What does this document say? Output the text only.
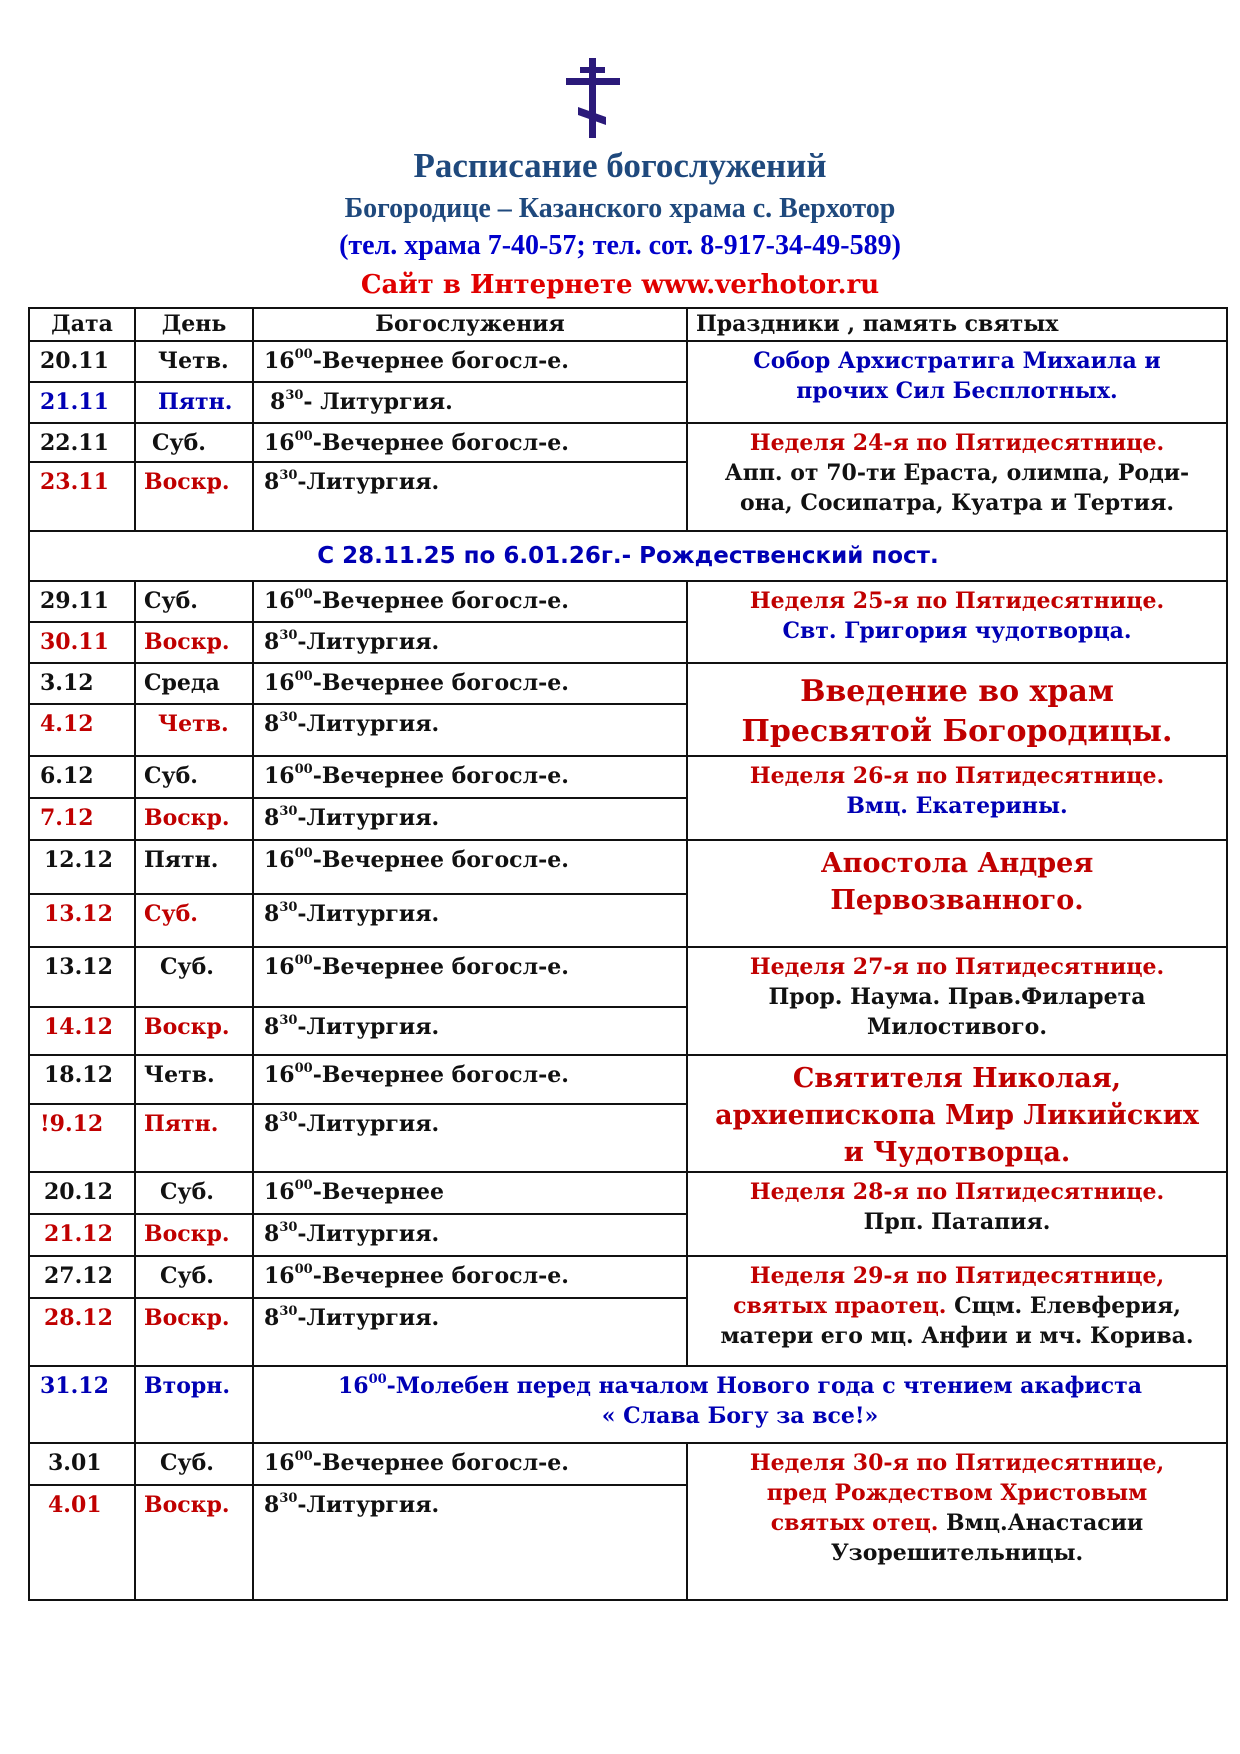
Расписание богослужений
Богородице – Казанского храма с. Верхотор
(тел. храма 7-40-57; тел. сот. 8-917-34-49-589)
Сайт в Интернете www.verhotor.ru
Дата	День	Богослужения	Праздники , память святых
20.11	Четв.	$16^{00}$-Вечернее богосл-е.	Собор Архистратига Михаила и
прочих Сил Бесплотных.

21.11	Пятн.	$8^{30}-$ Литургия.	
22.11	Суб.	$16^{00}$-Вечернее богосл-е.	Неделя 24-я по Пятидесятнице.
Апп. от 70-ти Ераста, олимпа, Роди-
она, Сосипатра, Куатра и Тертия.

23.11	Воскр.	$8^{30}$-Литургия.	
С 28.11.25 по 6.01.26г.- Рождественский пост.			
29.11	Суб.	$16^{00}$-Вечернее богосл-е.	Неделя 25-я по Пятидесятнице.
Свт. Григория чудотворца.

30.11	Воскр.	$8^{30}$-Литургия.	
3.12	Среда	$16^{00}$-Вечернее богосл-е.	Введение во храм
Пресвятой Богородицы.

4.12	Четв.	$8^{30}$-Литургия.	
6.12	Суб.	$16^{00}$-Вечернее богосл-е.	Неделя 26-я по Пятидесятнице.
Вмц. Екатерины.

7.12	Воскр.	$8^{30}$-Литургия.	
12.12	Пятн.	$16^{00}$-Вечернее богосл-е.	Апостола Андрея
Первозванного.

13.12	Суб.	$8^{30}$-Литургия.	
13.12	Суб.	$16^{00}$-Вечернее богосл-е.	Неделя 27-я по Пятидесятнице.
Прор. Наума. Прав.Филарета
Милостивого.

14.12	Воскр.	$8^{30}$-Литургия.	
18.12	Четв.	$16^{00}$-Вечернее богосл-е.	Святителя Николая,
архиепископа Мир Ликийских
и Чудотворца.

!9.12	Пятн.	$8^{30}$-Литургия.	
20.12	Суб.	$16^{00}$-Вечернее	Неделя 28-я по Пятидесятнице.
Прп. Патапия.

21.12	Воскр.	$8^{30}$-Литургия.	
27.12	Суб.	$16^{00}$-Вечернее богосл-е.	Неделя 29-я по Пятидесятнице,
святых праотец. Сщм. Елевферия,
матери его мц. Анфии и мч. Корива.

28.12	Воскр.	$8^{30}$-Литургия.	
31.12	Вторн.	$16^{00}$-Молебен перед началом Нового года с чтением акафиста
« Слава Богу за все!»	

3.01	Суб.	$16^{00}$-Вечернее богосл-е.	Неделя 30-я по Пятидесятнице,
пред Рождеством Христовым
святых отец. Вмц.Анастасии
Узорешительницы.

4.01	Воскр.	$8^{30}$-Литургия.	
